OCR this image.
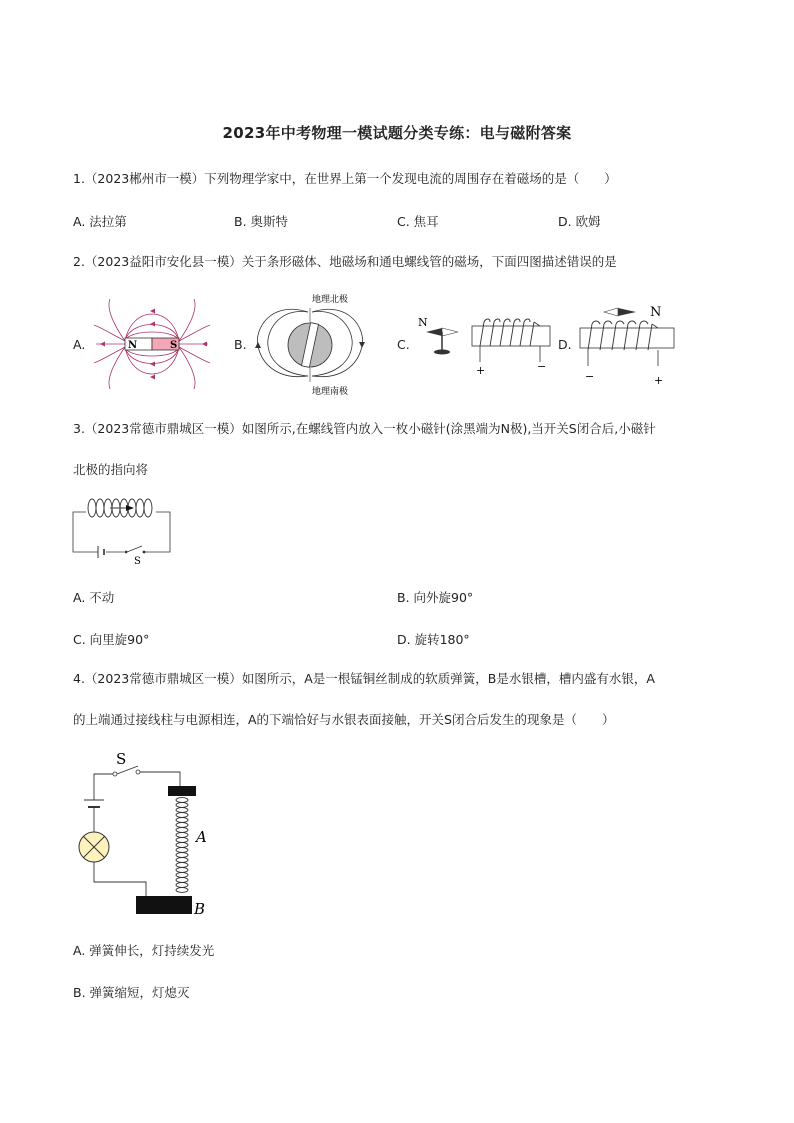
2023年中考物理一模试题分类专练：电与磁附答案
1.（2023郴州市一模）下列物理学家中，在世界上第一个发现电流的周围存在着磁场的是（　　）
A. 法拉第	B. 奥斯特	C. 焦耳	D. 欧姆
2.（2023益阳市安化县一模）关于条形磁体、地磁场和通电螺线管的磁场，下面四图描述错误的是
A.	B.	C.	D.
N	S
地理北极
地理南极
N
+	−
N
−	+
3.（2023常德市鼎城区一模）如图所示,在螺线管内放入一枚小磁针(涂黑端为N极),当开关S闭合后,小磁针
北极的指向将
S
A. 不动	B. 向外旋90°
C. 向里旋90°	D. 旋转180°
4.（2023常德市鼎城区一模）如图所示，A是一根锰铜丝制成的软质弹簧，B是水银槽，槽内盛有水银，A
的上端通过接线柱与电源相连，A的下端恰好与水银表面接触，开关S闭合后发生的现象是（　　）
S
A
B
A. 弹簧伸长，灯持续发光
B. 弹簧缩短，灯熄灭
